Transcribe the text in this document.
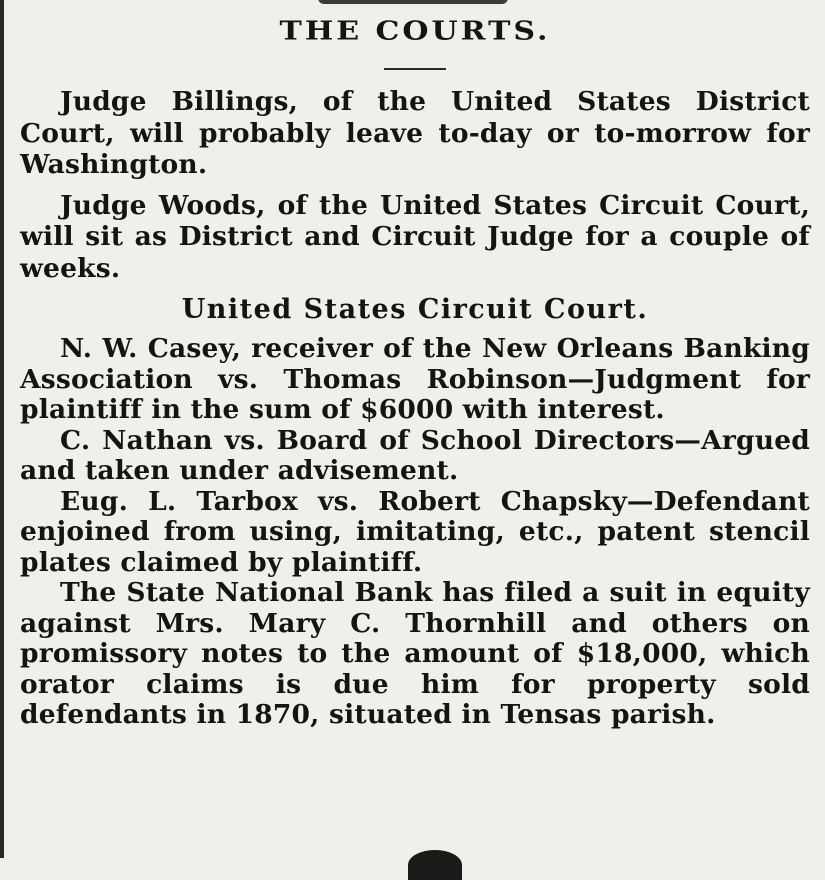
THE COURTS.

Judge Billings, of the United States District Court, will probably leave to-day or to-morrow for Washington.

Judge Woods, of the United States Circuit Court, will sit as District and Circuit Judge for a couple of weeks.

United States Circuit Court.

N. W. Casey, receiver of the New Orleans Banking Association vs. Thomas Robinson—Judgment for plaintiff in the sum of $6000 with interest.

C. Nathan vs. Board of School Directors—Argued and taken under advisement.

Eug. L. Tarbox vs. Robert Chapsky—Defendant enjoined from using, imitating, etc., patent stencil plates claimed by plaintiff.

The State National Bank has filed a suit in equity against Mrs. Mary C. Thornhill and others on promissory notes to the amount of $18,000, which orator claims is due him for property sold defendants in 1870, situated in Tensas parish.
